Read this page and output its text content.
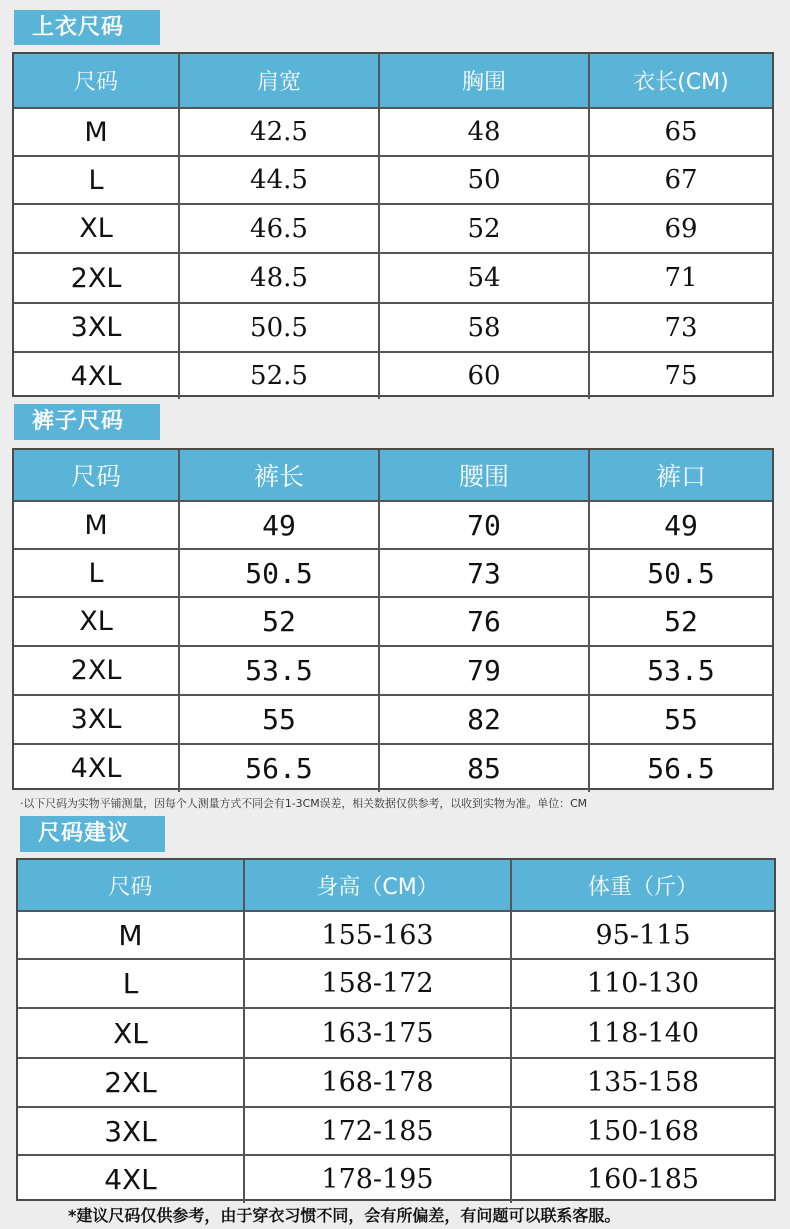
上衣尺码
尺码	肩宽	胸围	衣长(CM)
M	42.5	48	65
L	44.5	50	67
XL	46.5	52	69
2XL	48.5	54	71
3XL	50.5	58	73
4XL	52.5	60	75
裤子尺码
尺码	裤长	腰围	裤口
M	49	70	49
L	50.5	73	50.5
XL	52	76	52
2XL	53.5	79	53.5
3XL	55	82	55
4XL	56.5	85	56.5
·以下尺码为实物平铺测量，因每个人测量方式不同会有1-3CM误差，相关数据仅供参考，以收到实物为准。单位：CM
尺码建议
尺码	身高（CM）	体重（斤）
M	155-163	95-115
L	158-172	110-130
XL	163-175	118-140
2XL	168-178	135-158
3XL	172-185	150-168
4XL	178-195	160-185
*建议尺码仅供参考，由于穿衣习惯不同，会有所偏差，有问题可以联系客服。
